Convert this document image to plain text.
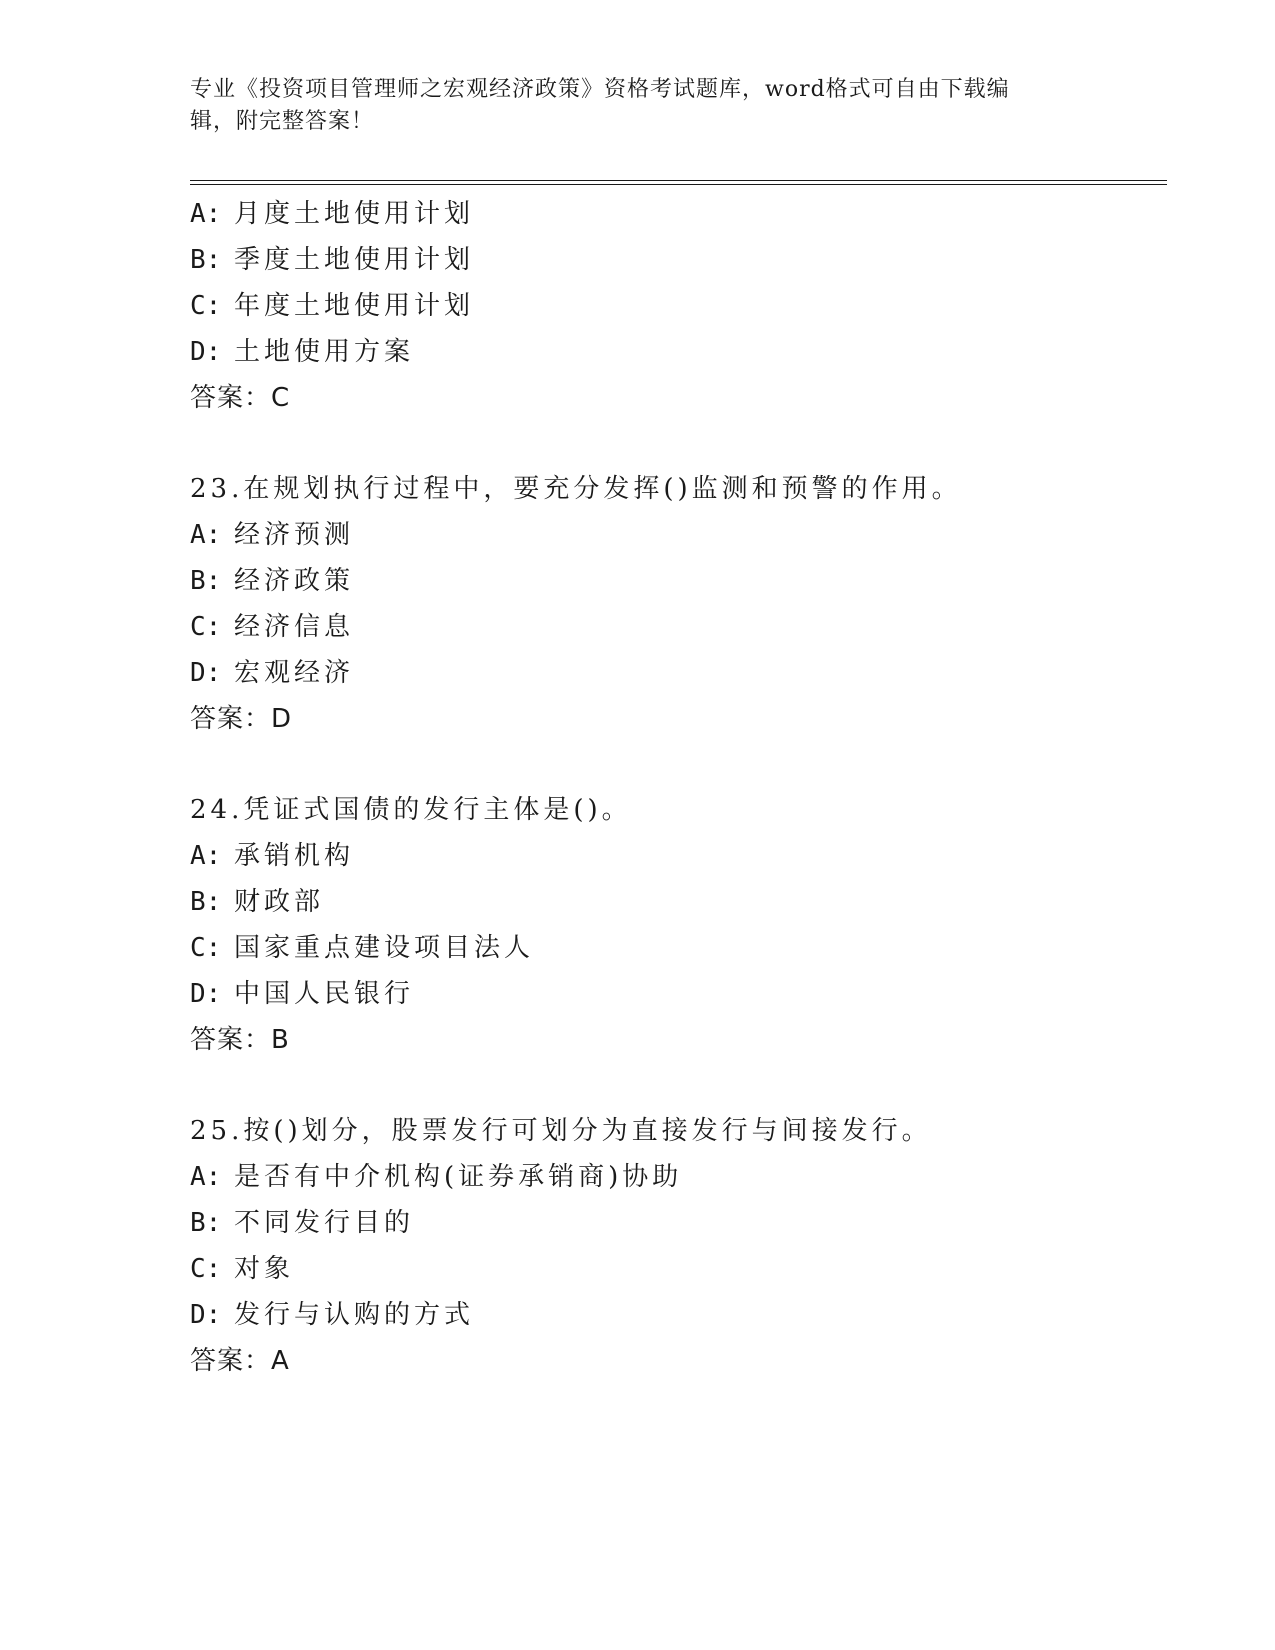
专业《投资项目管理师之宏观经济政策》资格考试题库，word格式可自由下载编
辑，附完整答案！
A: 月度土地使用计划
B: 季度土地使用计划
C: 年度土地使用计划
D: 土地使用方案
答案：C
23.在规划执行过程中，要充分发挥()监测和预警的作用。
A: 经济预测
B: 经济政策
C: 经济信息
D: 宏观经济
答案：D
24.凭证式国债的发行主体是()。
A: 承销机构
B: 财政部
C: 国家重点建设项目法人
D: 中国人民银行
答案：B
25.按()划分，股票发行可划分为直接发行与间接发行。
A: 是否有中介机构(证券承销商)协助
B: 不同发行目的
C: 对象
D: 发行与认购的方式
答案：A
